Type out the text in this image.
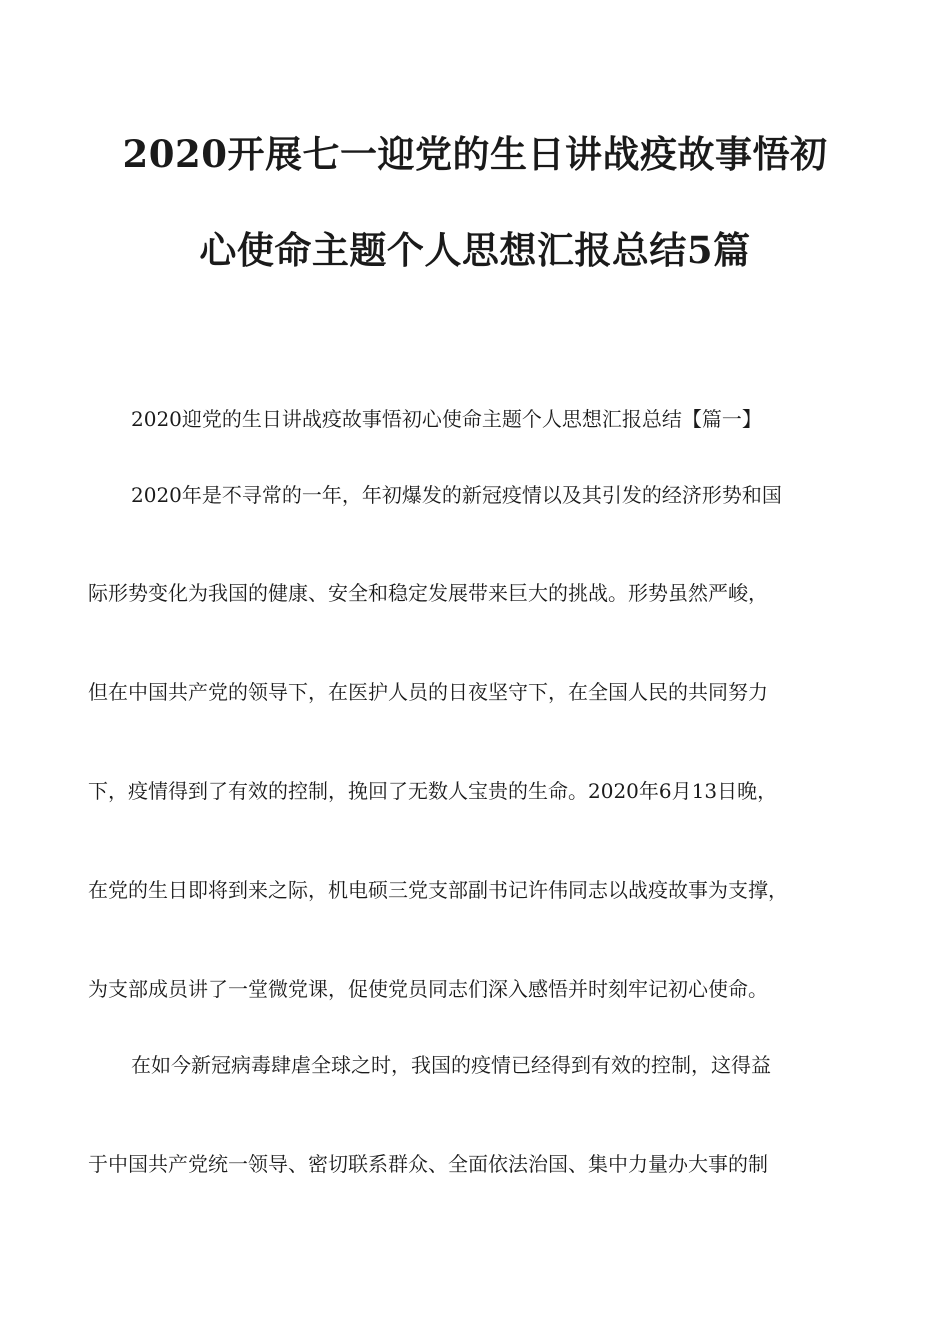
2020开展七一迎党的生日讲战疫故事悟初
心使命主题个人思想汇报总结5篇
2020迎党的生日讲战疫故事悟初心使命主题个人思想汇报总结【篇一】
2020年是不寻常的一年，年初爆发的新冠疫情以及其引发的经济形势和国
际形势变化为我国的健康、安全和稳定发展带来巨大的挑战。形势虽然严峻，
但在中国共产党的领导下，在医护人员的日夜坚守下，在全国人民的共同努力
下，疫情得到了有效的控制，挽回了无数人宝贵的生命。2020年6月13日晚，
在党的生日即将到来之际，机电硕三党支部副书记许伟同志以战疫故事为支撑，
为支部成员讲了一堂微党课，促使党员同志们深入感悟并时刻牢记初心使命。
在如今新冠病毒肆虐全球之时，我国的疫情已经得到有效的控制，这得益
于中国共产党统一领导、密切联系群众、全面依法治国、集中力量办大事的制
